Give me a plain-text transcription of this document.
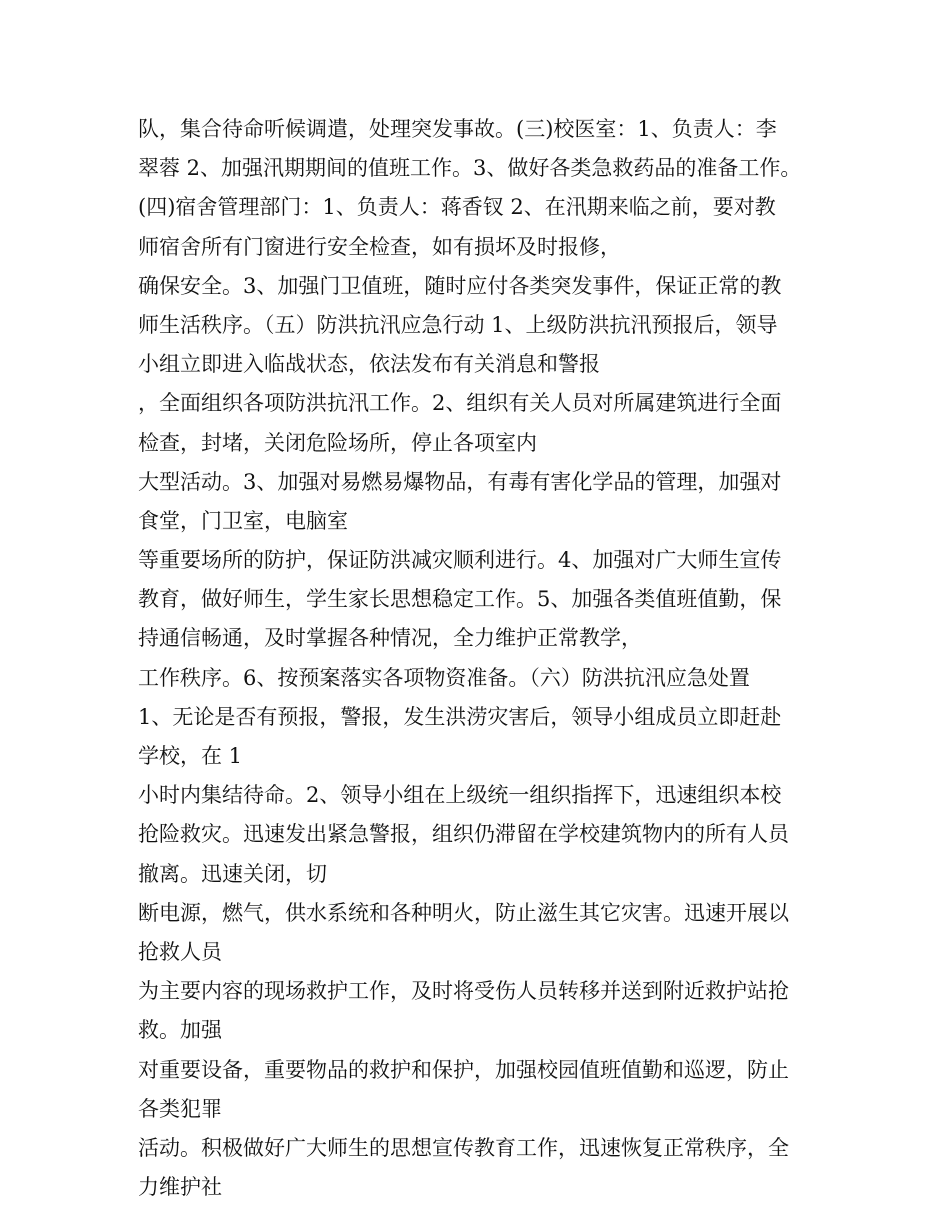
队，集合待命听候调遣，处理突发事故。(三)校医室：1、负责人：李
翠蓉 2、加强汛期期间的值班工作。3、做好各类急救药品的准备工作。
(四)宿舍管理部门：1、负责人：蒋香钗 2、在汛期来临之前，要对教
师宿舍所有门窗进行安全检查，如有损坏及时报修，
确保安全。3、加强门卫值班，随时应付各类突发事件，保证正常的教
师生活秩序。（五）防洪抗汛应急行动 1、上级防洪抗汛预报后，领导
小组立即进入临战状态，依法发布有关消息和警报
，全面组织各项防洪抗汛工作。2、组织有关人员对所属建筑进行全面
检查，封堵，关闭危险场所，停止各项室内
大型活动。3、加强对易燃易爆物品，有毒有害化学品的管理，加强对
食堂，门卫室，电脑室
等重要场所的防护，保证防洪减灾顺利进行。4、加强对广大师生宣传
教育，做好师生，学生家长思想稳定工作。5、加强各类值班值勤，保
持通信畅通，及时掌握各种情况，全力维护正常教学，
工作秩序。6、按预案落实各项物资准备。（六）防洪抗汛应急处置
1、无论是否有预报，警报，发生洪涝灾害后，领导小组成员立即赶赴
学校，在 1
小时内集结待命。2、领导小组在上级统一组织指挥下，迅速组织本校
抢险救灾。迅速发出紧急警报，组织仍滞留在学校建筑物内的所有人员
撤离。迅速关闭，切
断电源，燃气，供水系统和各种明火，防止滋生其它灾害。迅速开展以
抢救人员
为主要内容的现场救护工作，及时将受伤人员转移并送到附近救护站抢
救。加强
对重要设备，重要物品的救护和保护，加强校园值班值勤和巡逻，防止
各类犯罪
活动。积极做好广大师生的思想宣传教育工作，迅速恢复正常秩序，全
力维护社
